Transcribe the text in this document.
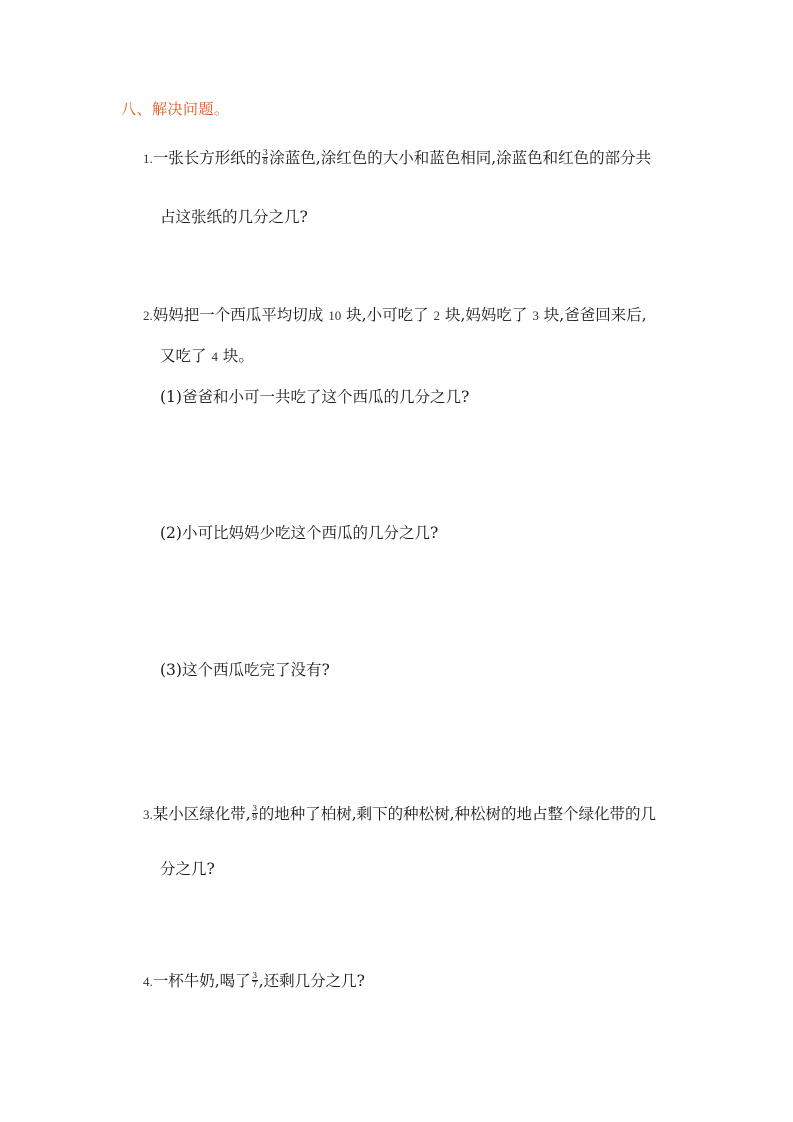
八、解决问题。
1.一张长方形纸的 $\frac{3}{8}$ 涂蓝色,涂红色的大小和蓝色相同,涂蓝色和红色的部分共
占这张纸的几分之几?
2.妈妈把一个西瓜平均切成 10 块,小可吃了 2 块,妈妈吃了 3 块,爸爸回来后,
又吃了 4 块。
(1)爸爸和小可一共吃了这个西瓜的几分之几?
(2)小可比妈妈少吃这个西瓜的几分之几?
(3)这个西瓜吃完了没有?
3.某小区绿化带, $\frac{3}{9}$ 的地种了柏树,剩下的种松树,种松树的地占整个绿化带的几
分之几?
4.一杯牛奶,喝了 $\frac{3}{7}$ ,还剩几分之几?
